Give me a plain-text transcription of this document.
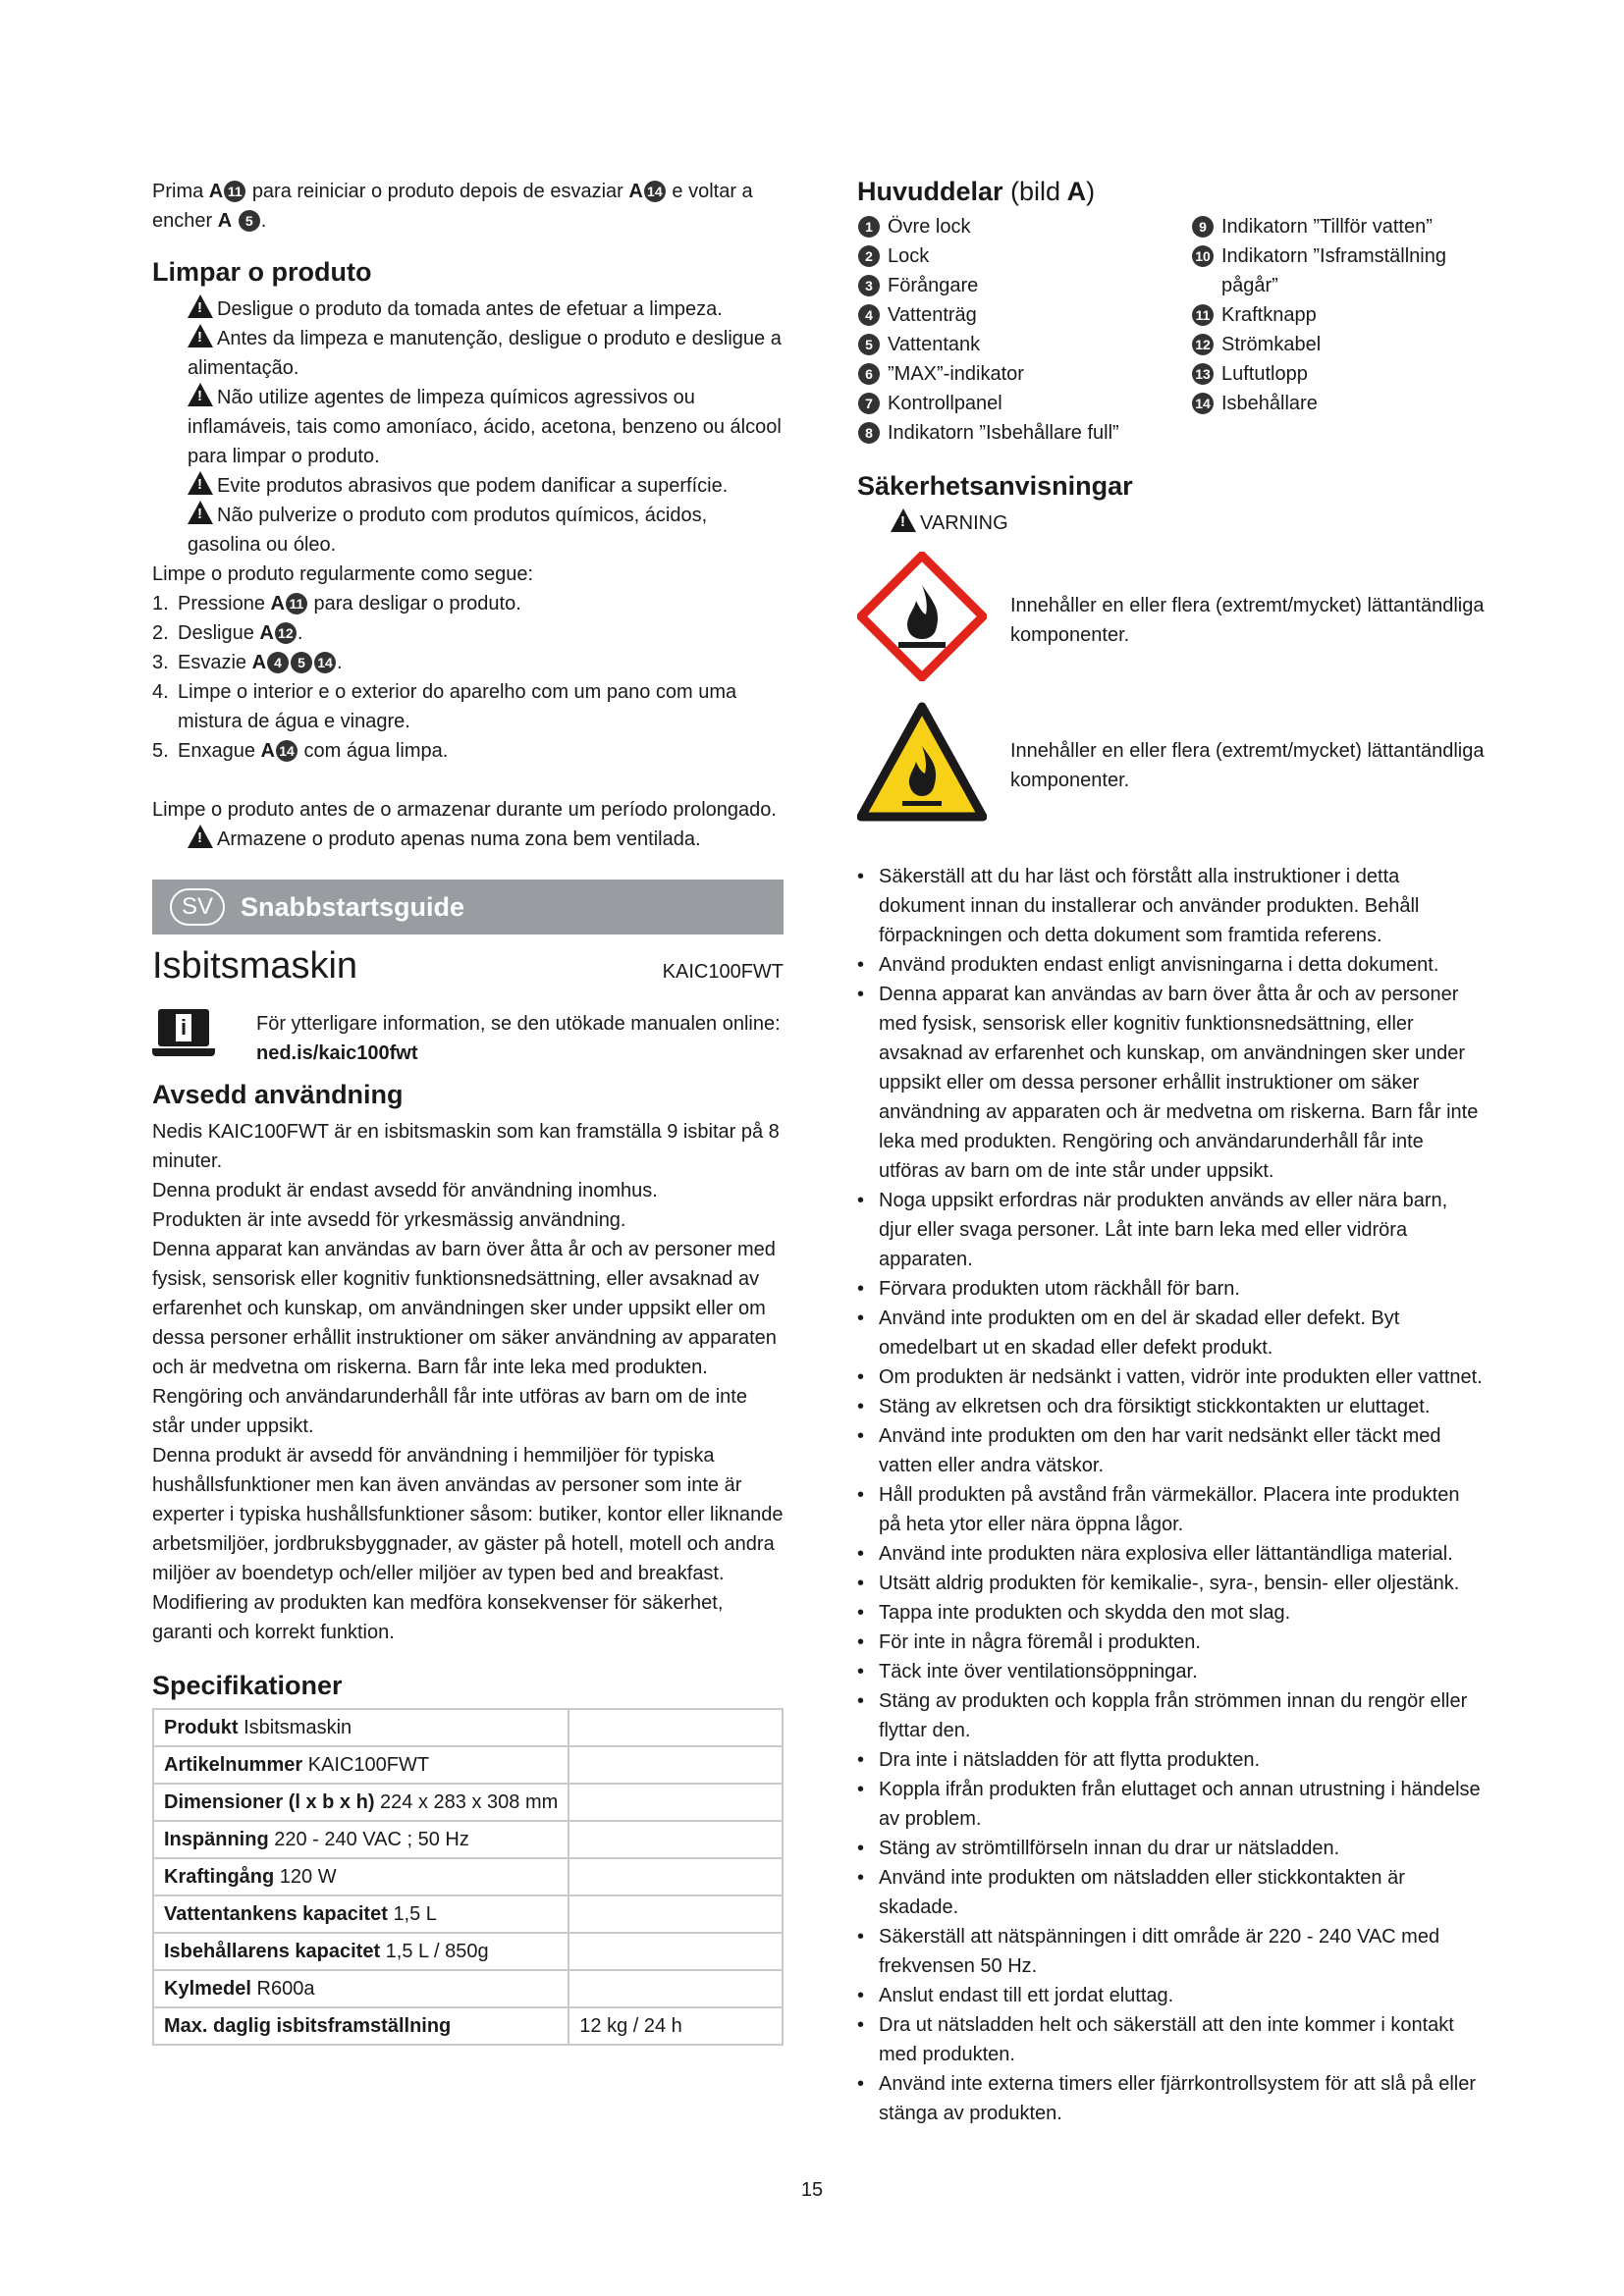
Prima A 11 para reiniciar o produto depois de esvaziar A 14 e voltar a encher A 5 .

Limpar o produto

!Desligue o produto da tomada antes de efetuar a limpeza.

!Antes da limpeza e manutenção, desligue o produto e desligue a alimentação.

!Não utilize agentes de limpeza químicos agressivos ou inflamáveis, tais como amoníaco, ácido, acetona, benzeno ou álcool para limpar o produto.

!Evite produtos abrasivos que podem danificar a superfície.

!Não pulverize o produto com produtos químicos, ácidos, gasolina ou óleo.

Limpe o produto regularmente como segue:

1. Pressione A 11 para desligar o produto.
2. Desligue A 12 .
3. Esvazie A 4 5 14 .
4. Limpe o interior e o exterior do aparelho com um pano com uma mistura de água e vinagre.
5. Enxague A 14 com água limpa.

Limpe o produto antes de o armazenar durante um período prolongado.

!Armazene o produto apenas numa zona bem ventilada.

SV	Snabbstartsguide
Isbitsmaskin	KAIC100FWT
i
För ytterligare information, se den utökade manualen online: ned.is/kaic100fwt
Avsedd användning

Nedis KAIC100FWT är en isbitsmaskin som kan framställa 9 isbitar på 8 minuter.

Denna produkt är endast avsedd för användning inomhus.

Produkten är inte avsedd för yrkesmässig användning.

Denna apparat kan användas av barn över åtta år och av personer med fysisk, sensorisk eller kognitiv funktionsnedsättning, eller avsaknad av erfarenhet och kunskap, om användningen sker under uppsikt eller om dessa personer erhållit instruktioner om säker användning av apparaten och är medvetna om riskerna. Barn får inte leka med produkten. Rengöring och användarunderhåll får inte utföras av barn om de inte står under uppsikt.

Denna produkt är avsedd för användning i hemmiljöer för typiska hushållsfunktioner men kan även användas av personer som inte är experter i typiska hushållsfunktioner såsom: butiker, kontor eller liknande arbetsmiljöer, jordbruksbyggnader, av gäster på hotell, motell och andra miljöer av boendetyp och/eller miljöer av typen bed and breakfast.

Modifiering av produkten kan medföra konsekvenser för säkerhet, garanti och korrekt funktion.

Specifikationer
Produkt Isbitsmaskin	
Artikelnummer KAIC100FWT	
Dimensioner (l x b x h) 224 x 283 x 308 mm	
Inspänning 220 - 240 VAC ; 50 Hz	
Kraftingång 120 W	
Vattentankens kapacitet 1,5 L	
Isbehållarens kapacitet 1,5 L / 850g	
Kylmedel R600a	
Max. daglig isbitsframställning	12 kg / 24 h
Huvuddelar (bild A)
1 Övre lock
2 Lock
3 Förångare
4 Vattenträg
5 Vattentank
6 ”MAX”-indikator
7 Kontrollpanel
8 Indikatorn ”Isbehållare full”
9 Indikatorn ”Tillför vatten”
10 Indikatorn ”Isframställning pågår”
11 Kraftknapp
12 Strömkabel
13 Luftutlopp
14 Isbehållare
Säkerhetsanvisningar

!VARNING

Innehåller en eller flera (extremt/mycket) lättantändliga komponenter.
Innehåller en eller flera (extremt/mycket) lättantändliga komponenter.
• Säkerställ att du har läst och förstått alla instruktioner i detta dokument innan du installerar och använder produkten. Behåll förpackningen och detta dokument som framtida referens.
• Använd produkten endast enligt anvisningarna i detta dokument.
• Denna apparat kan användas av barn över åtta år och av personer med fysisk, sensorisk eller kognitiv funktionsnedsättning, eller avsaknad av erfarenhet och kunskap, om användningen sker under uppsikt eller om dessa personer erhållit instruktioner om säker användning av apparaten och är medvetna om riskerna. Barn får inte leka med produkten. Rengöring och användarunderhåll får inte utföras av barn om de inte står under uppsikt.
• Noga uppsikt erfordras när produkten används av eller nära barn, djur eller svaga personer. Låt inte barn leka med eller vidröra apparaten.
• Förvara produkten utom räckhåll för barn.
• Använd inte produkten om en del är skadad eller defekt. Byt omedelbart ut en skadad eller defekt produkt.
• Om produkten är nedsänkt i vatten, vidrör inte produkten eller vattnet.
• Stäng av elkretsen och dra försiktigt stickkontakten ur eluttaget.
• Använd inte produkten om den har varit nedsänkt eller täckt med vatten eller andra vätskor.
• Håll produkten på avstånd från värmekällor. Placera inte produkten på heta ytor eller nära öppna lågor.
• Använd inte produkten nära explosiva eller lättantändliga material.
• Utsätt aldrig produkten för kemikalie-, syra-, bensin- eller oljestänk.
• Tappa inte produkten och skydda den mot slag.
• För inte in några föremål i produkten.
• Täck inte över ventilationsöppningar.
• Stäng av produkten och koppla från strömmen innan du rengör eller flyttar den.
• Dra inte i nätsladden för att flytta produkten.
• Koppla ifrån produkten från eluttaget och annan utrustning i händelse av problem.
• Stäng av strömtillförseln innan du drar ur nätsladden.
• Använd inte produkten om nätsladden eller stickkontakten är skadade.
• Säkerställ att nätspänningen i ditt område är 220 - 240 VAC med frekvensen 50 Hz.
• Anslut endast till ett jordat eluttag.
• Dra ut nätsladden helt och säkerställ att den inte kommer i kontakt med produkten.
• Använd inte externa timers eller fjärrkontrollsystem för att slå på eller stänga av produkten.
15
